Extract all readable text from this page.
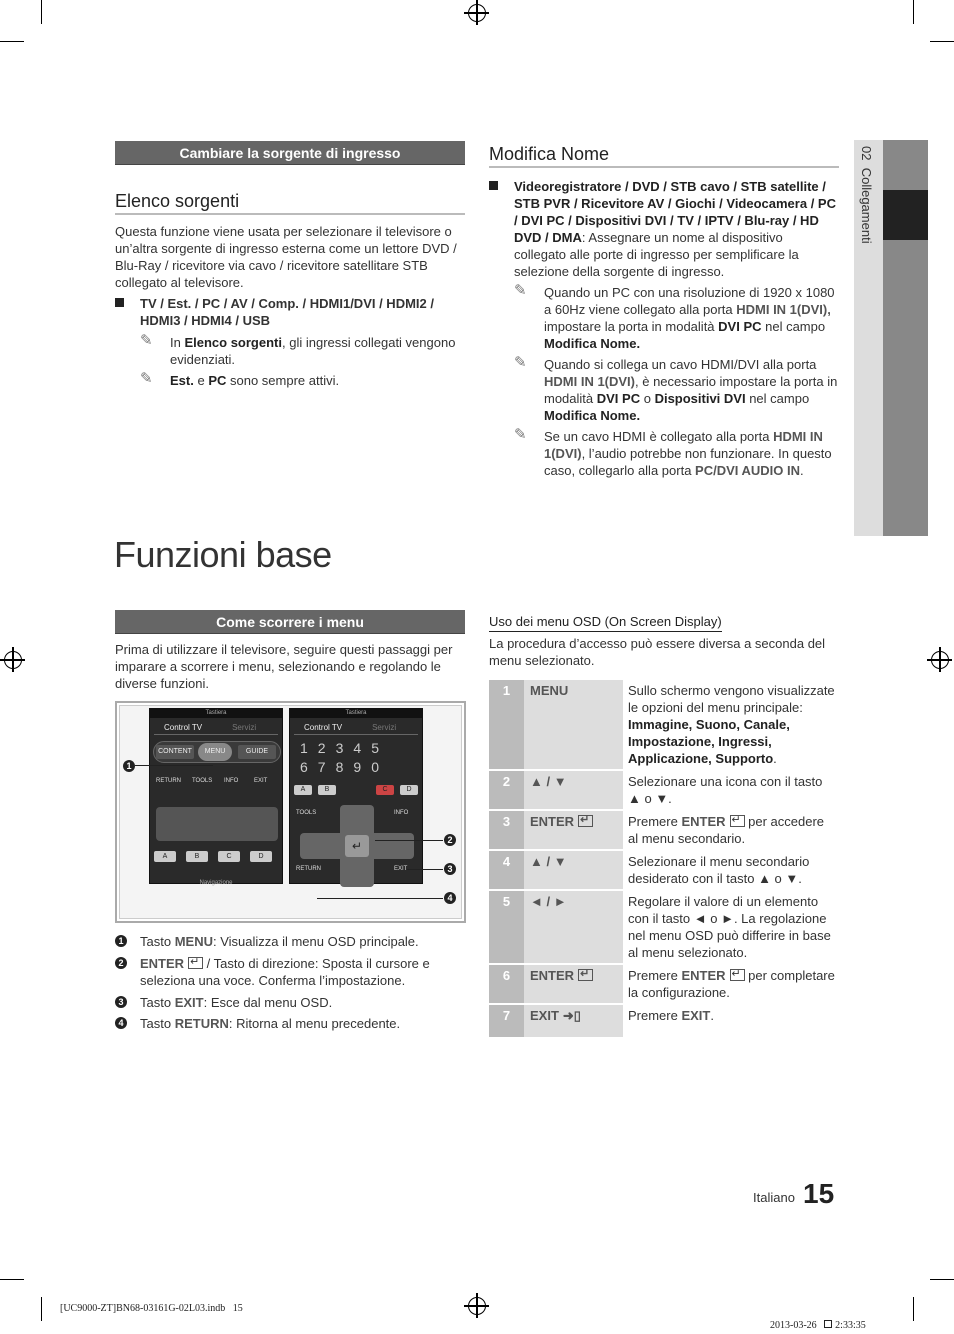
02  Collegamenti
Cambiare la sorgente di ingresso
Elenco sorgenti
Questa funzione viene usata per selezionare il televisore o un’altra sorgente di ingresso esterna come un lettore DVD / Blu-Ray / ricevitore via cavo / ricevitore satellitare STB collegato al televisore.
TV / Est. / PC / AV / Comp. / HDMI1/DVI / HDMI2 / HDMI3 / HDMI4 / USB
✎ In Elenco sorgenti, gli ingressi collegati vengono evidenziati.
✎ Est. e PC sono sempre attivi.
Modifica Nome
Videoregistratore / DVD / STB cavo / STB satellite / STB PVR / Ricevitore AV / Giochi / Videocamera / PC / DVI PC / Dispositivi DVI / TV / IPTV / Blu-ray / HD DVD / DMA: Assegnare un nome al dispositivo collegato alle porte di ingresso per semplificare la selezione della sorgente di ingresso.
✎ Quando un PC con una risoluzione di 1920 x 1080 a 60Hz viene collegato alla porta HDMI IN 1(DVI), impostare la porta in modalità DVI PC nel campo Modifica Nome.
✎ Quando si collega un cavo HDMI/DVI alla porta HDMI IN 1(DVI), è necessario impostare la porta in modalità DVI PC o Dispositivi DVI nel campo Modifica Nome.
✎ Se un cavo HDMI è collegato alla porta HDMI IN 1(DVI), l’audio potrebbe non funzionare. In questo caso, collegarlo alla porta PC/DVI AUDIO IN.
Funzioni base
Come scorrere i menu
Prima di utilizzare il televisore, seguire questi passaggi per imparare a scorrere i menu, selezionando e regolando le diverse funzioni.
Tastiera
Control TV	Servizi
CONTENT	MENU	GUIDE
RETURN TOOLS INFO	EXIT
A	B	C	D
Navigazione
Tastiera
Control TV	Servizi
12345
67890
A	B	C	D
TOOLS	INFO
↵
RETURN	EXIT
1
2
3
4
1 Tasto MENU: Visualizza il menu OSD principale.
2 ENTER↵ / Tasto di direzione: Sposta il cursore e seleziona una voce. Conferma l’impostazione.
3 Tasto EXIT: Esce dal menu OSD.
4 Tasto RETURN: Ritorna al menu precedente.
Uso dei menu OSD (On Screen Display)
La procedura d’accesso può essere diversa a seconda del menu selezionato.
1	MENU	Sullo schermo vengono visualizzate le opzioni del menu principale:
Immagine, Suono, Canale, Impostazione, Ingressi, Applicazione, Supporto.
2	▲ / ▼	Selezionare una icona con il tasto ▲ o ▼.
3	ENTER↵	Premere ENTER↵ per accedere al menu secondario.
4	▲ / ▼	Selezionare il menu secondario desiderato con il tasto ▲ o ▼.
5	◄ / ►	Regolare il valore di un elemento con il tasto ◄ o ►. La regolazione nel menu OSD può differire in base al menu selezionato.
6	ENTER↵	Premere ENTER↵ per completare la configurazione.
7	EXIT ➜▯	Premere EXIT.
Italiano 15
[UC9000-ZT]BN68-03161G-02L03.indb   15

2013-03-26   2:33:35
